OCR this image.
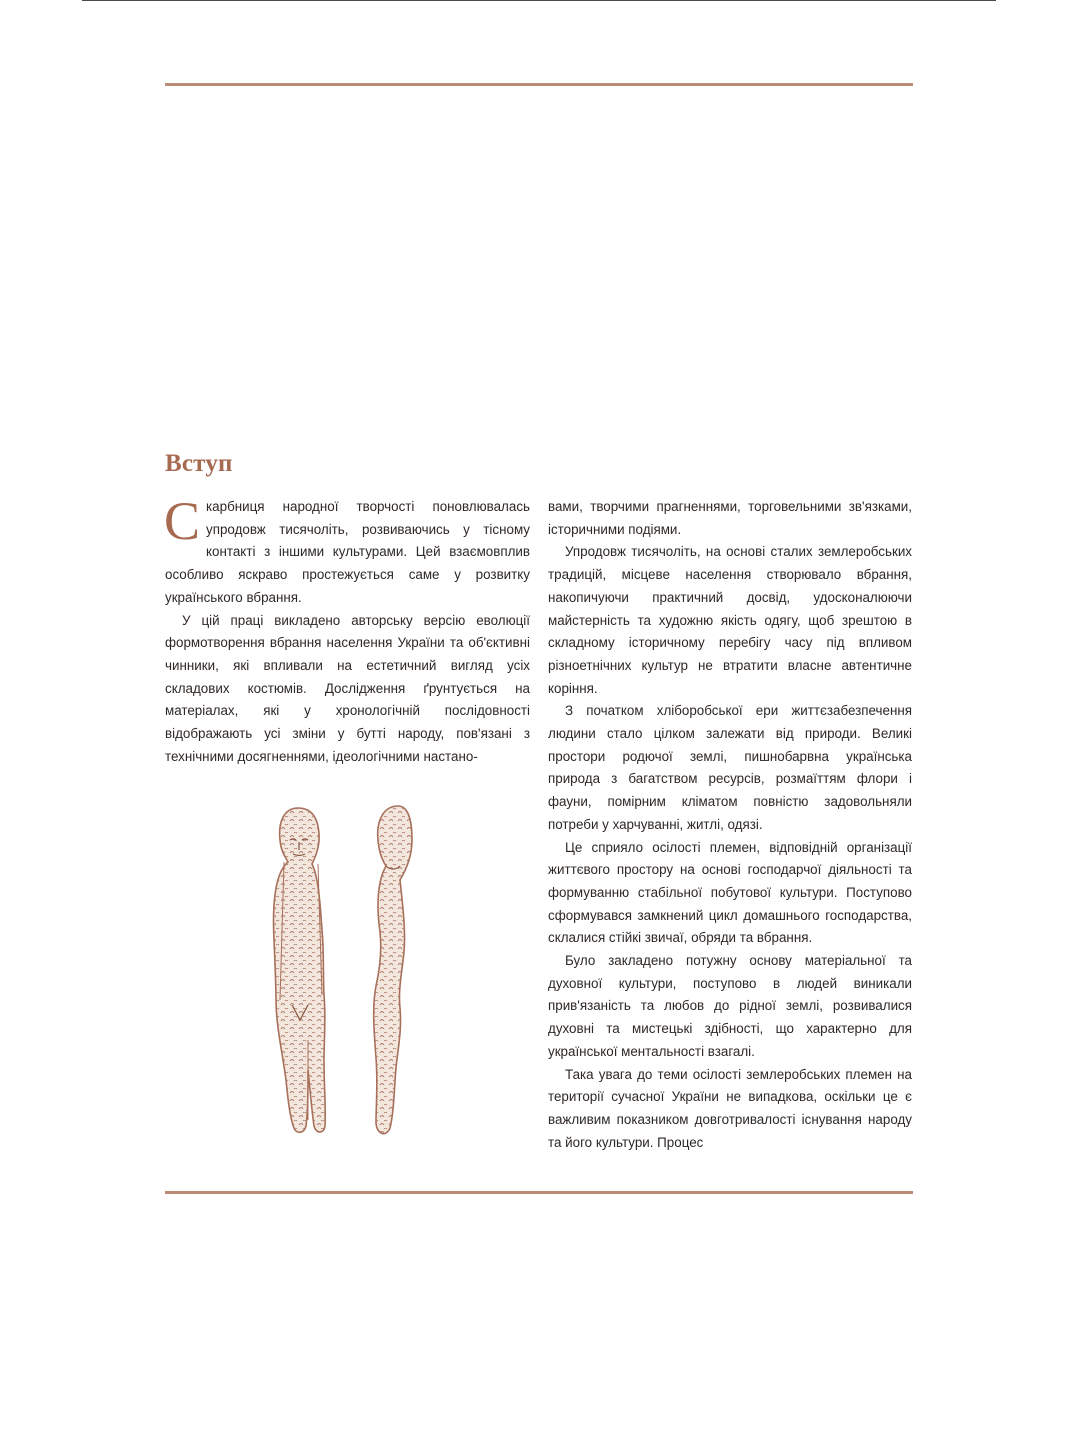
Вступ

Скарбниця народної творчості поновлювалась упродовж тисячоліть, розвиваючись у тісному контакті з іншими культурами. Цей взаємовплив особливо яскраво простежується саме у розвитку українського вбрання.

У цій праці викладено авторську версію еволюції формотворення вбрання населення України та об'єктивні чинники, які впливали на естетичний вигляд усіх складових костюмів. Дослідження ґрунтується на матеріалах, які у хронологічній послідовності відображають усі зміни у бутті народу, пов'язані з технічними досягненнями, ідеологічними настано-

вами, творчими прагненнями, торговельними зв'язками, історичними подіями.

Упродовж тисячоліть, на основі сталих землеробських традицій, місцеве населення створювало вбрання, накопичуючи практичний досвід, удосконалюючи майстерність та художню якість одягу, щоб зрештою в складному історичному перебігу часу під впливом різноетнічних культур не втратити власне автентичне коріння.

З початком хліборобської ери життєзабезпечення людини стало цілком залежати від природи. Великі простори родючої землі, пишнобарвна українська природа з багатством ресурсів, розмаїттям флори і фауни, помірним кліматом повністю задовольняли потреби у харчуванні, житлі, одязі.

Це сприяло осілості племен, відповідній організації життєвого простору на основі господарчої діяльності та формуванню стабільної побутової культури. Поступово сформувався замкнений цикл домашнього господарства, склалися стійкі звичаї, обряди та вбрання.

Було закладено потужну основу матеріальної та духовної культури, поступово в людей виникали прив'язаність та любов до рідної землі, розвивалися духовні та мистецькі здібності, що характерно для української ментальності взагалі.

Така увага до теми осілості землеробських племен на території сучасної України не випадкова, оскільки це є важливим показником довготривалості існування народу та його культури. Процес
